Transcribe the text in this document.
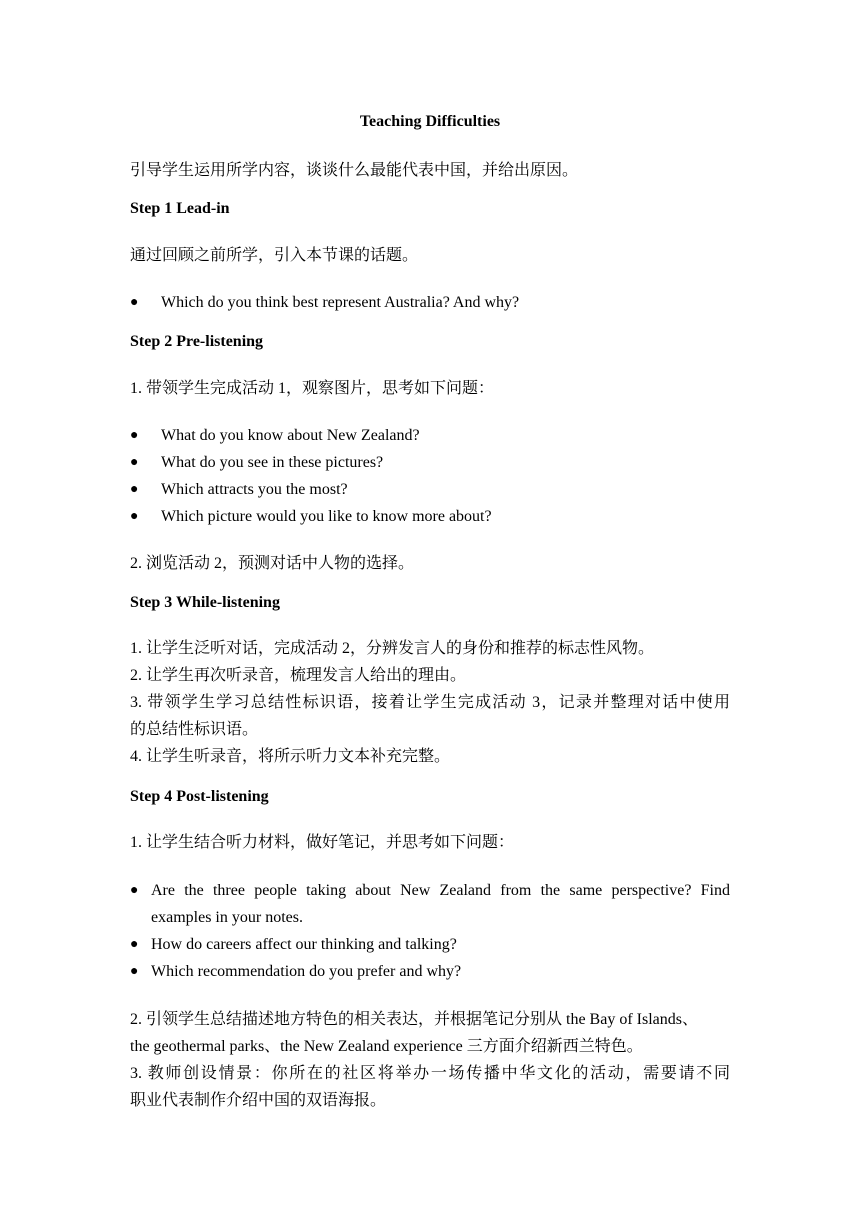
Teaching Difficulties
引导学生运用所学内容，谈谈什么最能代表中国，并给出原因。
Step 1 Lead-in
通过回顾之前所学，引入本节课的话题。
● Which do you think best represent Australia? And why?
Step 2 Pre-listening
1. 带领学生完成活动 1，观察图片，思考如下问题：
● What do you know about New Zealand?
● What do you see in these pictures?
● Which attracts you the most?
● Which picture would you like to know more about?
2. 浏览活动 2，预测对话中人物的选择。
Step 3 While-listening
1. 让学生泛听对话，完成活动 2，分辨发言人的身份和推荐的标志性风物。
2. 让学生再次听录音，梳理发言人给出的理由。
3. 带领学生学习总结性标识语，接着让学生完成活动 3，记录并整理对话中使用
的总结性标识语。
4. 让学生听录音，将所示听力文本补充完整。
Step 4 Post-listening
1. 让学生结合听力材料，做好笔记，并思考如下问题：
● Are the three people taking about New Zealand from the same perspective? Find
examples in your notes.
● How do careers affect our thinking and talking?
● Which recommendation do you prefer and why?
2. 引领学生总结描述地方特色的相关表达，并根据笔记分别从 the Bay of Islands、
the geothermal parks、the New Zealand experience 三方面介绍新西兰特色。
3. 教师创设情景：你所在的社区将举办一场传播中华文化的活动，需要请不同
职业代表制作介绍中国的双语海报。
